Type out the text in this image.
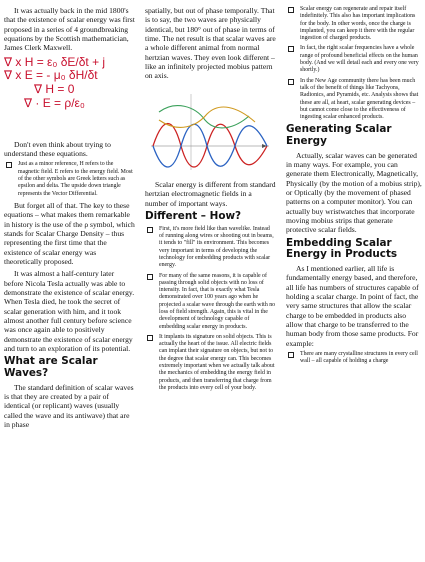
It was actually back in the mid 1800's that the existence of scalar energy was first proposed in a series of 4 groundbreaking equations by the Scottish mathematician, James Clerk Maxwell.

∇ x H = ε₀ δE/δt + j
∇ x E = - μ₀ δH/δt
∇ H = 0
∇ · E = ρ/ε₀

Don't even think about trying to understand these equations.

Just as a minor reference, H refers to the magnetic field. E refers to the energy field. Most of the other symbols are Greek letters such as epsilon and delta. The upside down triangle represents the Vector Differential.

But forget all of that. The key to these equations – what makes them remarkable in history is the use of the ρ symbol, which stands for Scalar Charge Density – thus representing the first time that the existence of scalar energy was theoretically proposed.

It was almost a half-century later before Nicola Tesla actually was able to demonstrate the existence of scalar energy. When Tesla died, he took the secret of scalar generation with him, and it took almost another full century before science was once again able to positively demonstrate the existence of scalar energy and turn to an exploration of its potential.

What are Scalar Waves?

The standard definition of scalar waves is that they are created by a pair of identical (or replicant) waves (usually called the wave and its antiwave) that are in phase

spatially, but out of phase temporally. That is to say, the two waves are physically identical, but 180° out of phase in terms of time. The net result is that scalar waves are a whole different animal from normal hertzian waves. They even look different – like an infinitely projected mobius pattern on axis.

Scalar energy is different from standard hertzian electromagnetic fields in a number of important ways.

Different – How?
First, it's more field like than wavelike. Instead of running along wires or shooting out in beams, it tends to "fill" its environment. This becomes very important in terms of developing the technology for embedding products with scalar energy.
For many of the same reasons, it is capable of passing through solid objects with no loss of intensity. In fact, that is exactly what Tesla demonstrated over 100 years ago when he projected a scalar wave through the earth with no loss of field strength. Again, this is vital in the development of technology capable of embedding scalar energy in products.
It implants its signature on solid objects. This is actually the heart of the issue. All electric fields can implant their signature on objects, but not to the degree that scalar energy can. This becomes extremely important when we actually talk about the mechanics of embedding the energy field in products, and then transferring that charge from the products into every cell of your body.
Scalar energy can regenerate and repair itself indefinitely. This also has important implications for the body. In other words, once the charge is implanted, you can keep it there with the regular ingestion of charged products.
In fact, the right scalar frequencies have a whole range of profound beneficial effects on the human body. (And we will detail each and every one very shortly.)
In the New Age community there has been much talk of the benefit of things like Tachyons, Radionics, and Pyramids, etc. Analysis shows that these are all, at heart, scalar generating devices – but cannot come close to the effectiveness of ingesting scalar enhanced products.
Generating Scalar Energy

Actually, scalar waves can be generated in many ways. For example, you can generate them Electronically, Magnetically, Physically (by the motion of a mobius strip), or Optically (by the movement of phased patterns on a computer monitor). You can actually buy wristwatches that incorporate moving mobius strips that generate protective scalar fields.

Embedding Scalar Energy in Products

As I mentioned earlier, all life is fundamentally energy based, and therefore, all life has numbers of structures capable of holding a scalar charge. In point of fact, the very same structures that allow the scalar charge to be embedded in products also allow that charge to be transferred to the human body from those same products. For example:

There are many crystalline structures in every cell wall – all capable of holding a charge
